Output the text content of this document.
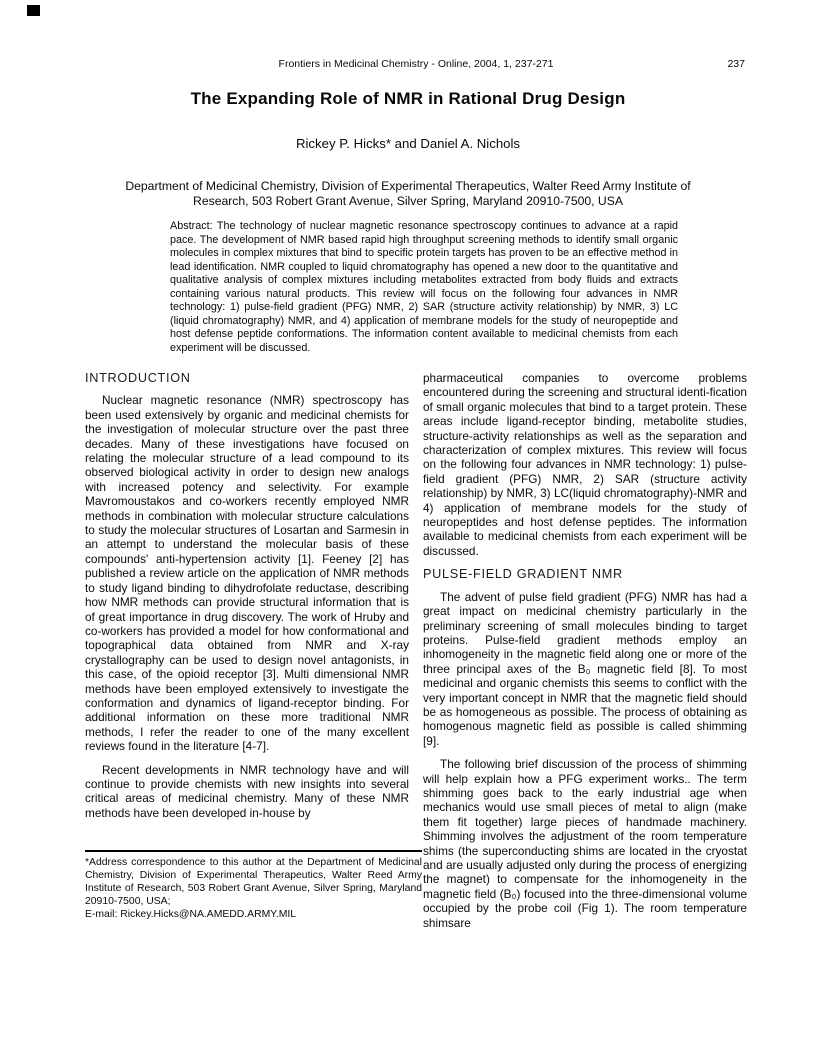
Frontiers in Medicinal Chemistry - Online, 2004, 1, 237-271	237
The Expanding Role of NMR in Rational Drug Design
Rickey P. Hicks* and Daniel A. Nichols
Department of Medicinal Chemistry, Division of Experimental Therapeutics, Walter Reed Army Institute of Research, 503 Robert Grant Avenue, Silver Spring, Maryland 20910-7500, USA

Abstract: The technology of nuclear magnetic resonance spectroscopy continues to advance at a rapid pace. The development of NMR based rapid high throughput screening methods to identify small organic molecules in complex mixtures that bind to specific protein targets has proven to be an effective method in lead identification. NMR coupled to liquid chromatography has opened a new door to the quantitative and qualitative analysis of complex mixtures including metabolites extracted from body fluids and extracts containing various natural products. This review will focus on the following four advances in NMR technology: 1) pulse-field gradient (PFG) NMR, 2) SAR (structure activity relationship) by NMR, 3) LC (liquid chromatography) NMR, and 4) application of membrane models for the study of neuropeptide and host defense peptide conformations. The information content available to medicinal chemists from each experiment will be discussed.

INTRODUCTION

Nuclear magnetic resonance (NMR) spectroscopy has been used extensively by organic and medicinal chemists for the investigation of molecular structure over the past three decades. Many of these investigations have focused on relating the molecular structure of a lead compound to its observed biological activity in order to design new analogs with increased potency and selectivity. For example Mavromoustakos and co-workers recently employed NMR methods in combination with molecular structure calculations to study the molecular structures of Losartan and Sarmesin in an attempt to understand the molecular basis of these compounds' anti-hypertension activity [1]. Feeney [2] has published a review article on the application of NMR methods to study ligand binding to dihydrofolate reductase, describing how NMR methods can provide structural information that is of great importance in drug discovery. The work of Hruby and co-workers has provided a model for how conformational and topographical data obtained from NMR and X-ray crystallography can be used to design novel antagonists, in this case, of the opioid receptor [3]. Multi dimensional NMR methods have been employed extensively to investigate the conformation and dynamics of ligand-receptor binding. For additional information on these more traditional NMR methods, I refer the reader to one of the many excellent reviews found in the literature [4-7].

Recent developments in NMR technology have and will continue to provide chemists with new insights into several critical areas of medicinal chemistry. Many of these NMR methods have been developed in-house by

pharmaceutical companies to overcome problems encountered during the screening and structural identi-fication of small organic molecules that bind to a target protein. These areas include ligand-receptor binding, metabolite studies, structure-activity relationships as well as the separation and characterization of complex mixtures. This review will focus on the following four advances in NMR technology: 1) pulse-field gradient (PFG) NMR, 2) SAR (structure activity relationship) by NMR, 3) LC(liquid chromatography)-NMR and 4) application of membrane models for the study of neuropeptides and host defense peptides. The information available to medicinal chemists from each experiment will be discussed.

PULSE-FIELD GRADIENT NMR

The advent of pulse field gradient (PFG) NMR has had a great impact on medicinal chemistry particularly in the preliminary screening of small molecules binding to target proteins. Pulse-field gradient methods employ an inhomogeneity in the magnetic field along one or more of the three principal axes of the B₀ magnetic field [8]. To most medicinal and organic chemists this seems to conflict with the very important concept in NMR that the magnetic field should be as homogeneous as possible. The process of obtaining as homogenous magnetic field as possible is called shimming [9].

The following brief discussion of the process of shimming will help explain how a PFG experiment works.. The term shimming goes back to the early industrial age when mechanics would use small pieces of metal to align (make them fit together) large pieces of handmade machinery. Shimming involves the adjustment of the room temperature shims (the superconducting shims are located in the cryostat and are usually adjusted only during the process of energizing the magnet) to compensate for the inhomogeneity in the magnetic field (B₀) focused into the three-dimensional volume occupied by the probe coil (Fig 1). The room temperature shimsare

*Address correspondence to this author at the Department of Medicinal Chemistry, Division of Experimental Therapeutics, Walter Reed Army Institute of Research, 503 Robert Grant Avenue, Silver Spring, Maryland 20910-7500, USA;

E-mail: Rickey.Hicks@NA.AMEDD.ARMY.MIL
